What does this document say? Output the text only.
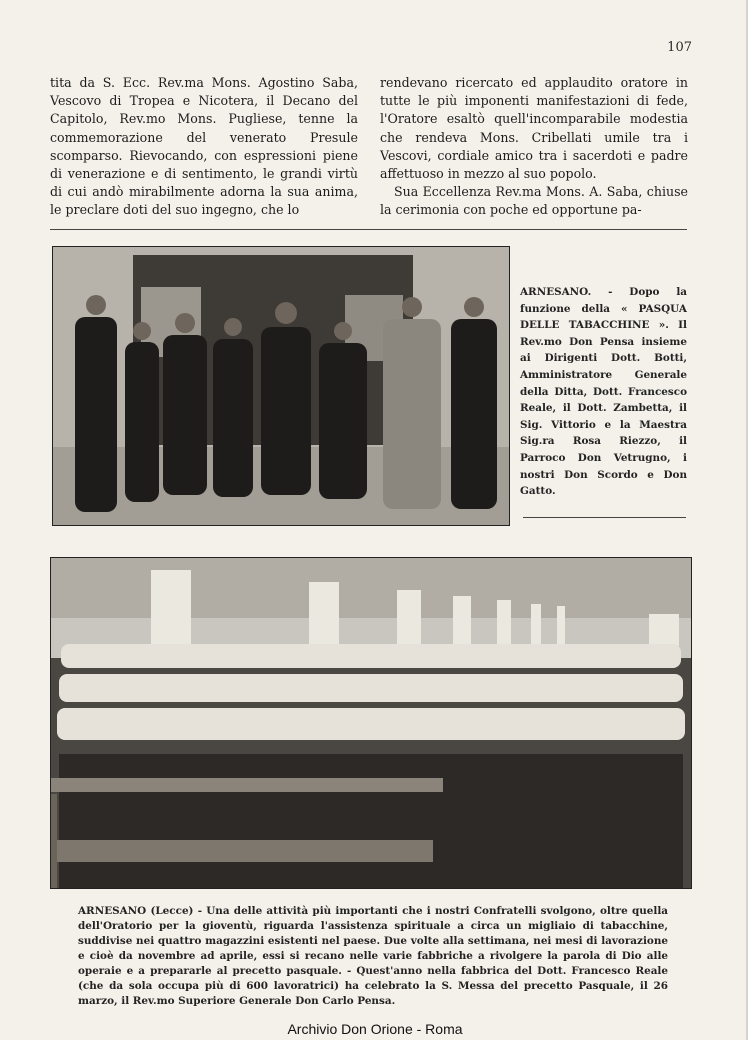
107

tita da S. Ecc. Rev.ma Mons. Agostino Saba, Vescovo di Tropea e Nicotera, il Decano del Capitolo, Rev.mo Mons. Pugliese, tenne la commemorazione del venerato Presule scomparso. Rievocando, con espressioni piene di venerazione e di sentimento, le grandi virtù di cui andò mirabilmente adorna la sua anima, le preclare doti del suo ingegno, che lo

rendevano ricercato ed applaudito oratore in tutte le più imponenti manifestazioni di fede, l'Oratore esaltò quell'incomparabile modestia che rendeva Mons. Cribellati umile tra i Vescovi, cordiale amico tra i sacerdoti e padre affettuoso in mezzo al suo popolo.

Sua Eccellenza Rev.ma Mons. A. Saba, chiuse la cerimonia con poche ed opportune pa-

ARNESANO. - Dopo la funzione della « PASQUA DELLE TABACCHINE ». Il Rev.mo Don Pensa insieme ai Dirigenti Dott. Botti, Amministratore Generale della Ditta, Dott. Francesco Reale, il Dott. Zambetta, il Sig. Vittorio e la Maestra Sig.ra Rosa Riezzo, il Parroco Don Vetrugno, i nostri Don Scordo e Don Gatto.
ARNESANO (Lecce) - Una delle attività più importanti che i nostri Confratelli svolgono, oltre quella dell'Oratorio per la gioventù, riguarda l'assistenza spirituale a circa un migliaio di tabacchine, suddivise nei quattro magazzini esistenti nel paese. Due volte alla settimana, nei mesi di lavorazione e cioè da novembre ad aprile, essi si recano nelle varie fabbriche a rivolgere la parola di Dio alle operaie e a prepararle al precetto pasquale. - Quest'anno nella fabbrica del Dott. Francesco Reale (che da sola occupa più di 600 lavoratrici) ha celebrato la S. Messa del precetto Pasquale, il 26 marzo, il Rev.mo Superiore Generale Don Carlo Pensa.
Archivio Don Orione - Roma
